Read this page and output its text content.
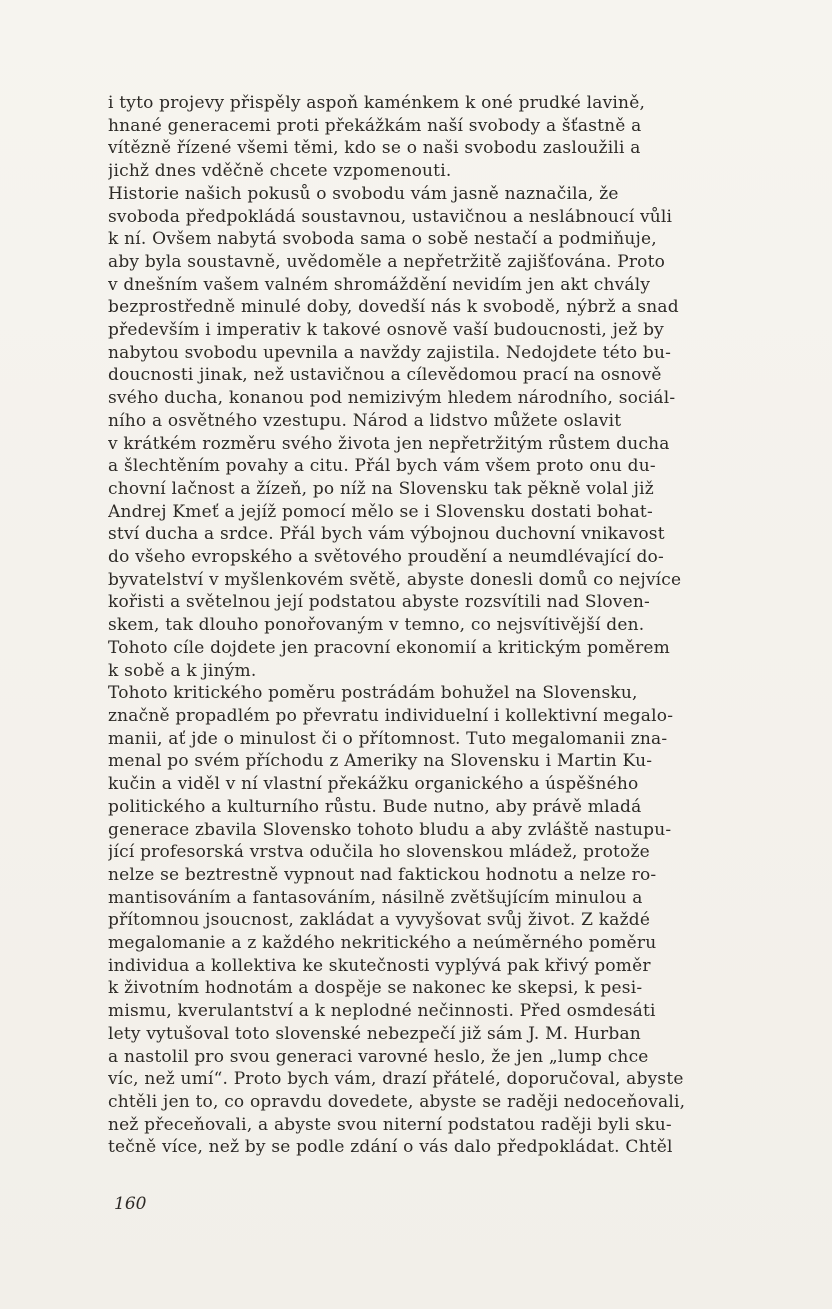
i tyto projevy přispěly aspoň kaménkem k oné prudké lavině,
hnané generacemi proti překážkám naší svobody a šťastně a
vítězně řízené všemi těmi, kdo se o naši svobodu zasloužili a
jichž dnes vděčně chcete vzpomenouti.
Historie našich pokusů o svobodu vám jasně naznačila, že
svoboda předpokládá soustavnou, ustavičnou a neslábnoucí vůli
k ní. Ovšem nabytá svoboda sama o sobě nestačí a podmiňuje,
aby byla soustavně, uvědoměle a nepřetržitě zajišťována. Proto
v dnešním vašem valném shromáždění nevidím jen akt chvály
bezprostředně minulé doby, dovedší nás k svobodě, nýbrž a snad
především i imperativ k takové osnově vaší budoucnosti, jež by
nabytou svobodu upevnila a navždy zajistila. Nedojdete této bu-
doucnosti jinak, než ustavičnou a cílevědomou prací na osnově
svého ducha, konanou pod nemizivým hledem národního, sociál-
ního a osvětného vzestupu. Národ a lidstvo můžete oslavit
v krátkém rozměru svého života jen nepřetržitým růstem ducha
a šlechtěním povahy a citu. Přál bych vám všem proto onu du-
chovní lačnost a žízeň, po níž na Slovensku tak pěkně volal již
Andrej Kmeť a jejíž pomocí mělo se i Slovensku dostati bohat-
ství ducha a srdce. Přál bych vám výbojnou duchovní vnikavost
do všeho evropského a světového proudění a neumdlévající do-
byvatelství v myšlenkovém světě, abyste donesli domů co nejvíce
kořisti a světelnou její podstatou abyste rozsvítili nad Sloven-
skem, tak dlouho ponořovaným v temno, co nejsvítivější den.
Tohoto cíle dojdete jen pracovní ekonomií a kritickým poměrem
k sobě a k jiným.
Tohoto kritického poměru postrádám bohužel na Slovensku,
značně propadlém po převratu individuelní i kollektivní megalo-
manii, ať jde o minulost či o přítomnost. Tuto megalomanii zna-
menal po svém příchodu z Ameriky na Slovensku i Martin Ku-
kučin a viděl v ní vlastní překážku organického a úspěšného
politického a kulturního růstu. Bude nutno, aby právě mladá
generace zbavila Slovensko tohoto bludu a aby zvláště nastupu-
jící profesorská vrstva odučila ho slovenskou mládež, protože
nelze se beztrestně vypnout nad faktickou hodnotu a nelze ro-
mantisováním a fantasováním, násilně zvětšujícím minulou a
přítomnou jsoucnost, zakládat a vyvyšovat svůj život. Z každé
megalomanie a z každého nekritického a neúměrného poměru
individua a kollektiva ke skutečnosti vyplývá pak křivý poměr
k životním hodnotám a dospěje se nakonec ke skepsi, k pesi-
mismu, kverulantství a k neplodné nečinnosti. Před osmdesáti
lety vytušoval toto slovenské nebezpečí již sám J. M. Hurban
a nastolil pro svou generaci varovné heslo, že jen „lump chce
víc, než umí“. Proto bych vám, drazí přátelé, doporučoval, abyste
chtěli jen to, co opravdu dovedete, abyste se raději nedoceňovali,
než přeceňovali, a abyste svou niterní podstatou raději byli sku-
tečně více, než by se podle zdání o vás dalo předpokládat. Chtěl
160
